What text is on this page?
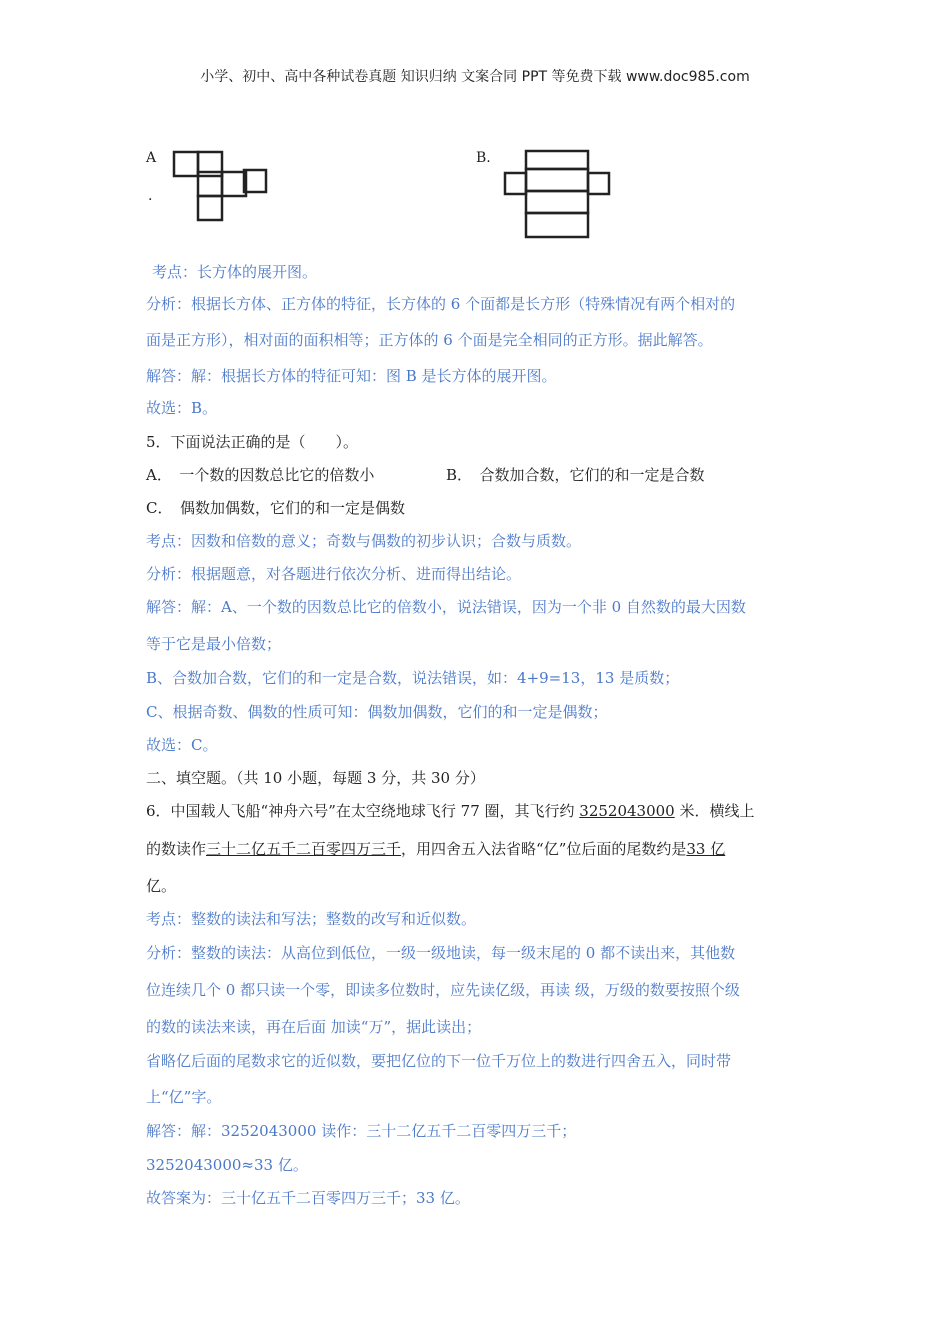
小学、初中、高中各种试卷真题 知识归纳 文案合同 PPT 等免费下载 www.doc985.com
A
.
B.
考点：长方体的展开图。
分析：根据长方体、正方体的特征，长方体的 6 个面都是长方形（特殊情况有两个相对的
面是正方形），相对面的面积相等；正方体的 6 个面是完全相同的正方形。据此解答。
解答：解：根据长方体的特征可知：图 B 是长方体的展开图。
故选：B。
5．下面说法正确的是（　　）。
A．　一个数的因数总比它的倍数小	B．　合数加合数，它们的和一定是合数
C．　偶数加偶数，它们的和一定是偶数
考点：因数和倍数的意义；奇数与偶数的初步认识；合数与质数。
分析：根据题意，对各题进行依次分析、进而得出结论。
解答：解：A、一个数的因数总比它的倍数小，说法错误，因为一个非 0 自然数的最大因数
等于它是最小倍数；
B、合数加合数，它们的和一定是合数，说法错误，如：4+9=13，13 是质数；
C、根据奇数、偶数的性质可知：偶数加偶数，它们的和一定是偶数；
故选：C。
二、填空题。（共 10 小题，每题 3 分，共 30 分）
6．中国载人飞船“神舟六号”在太空绕地球飞行 77 圈，其飞行约 3252043000 米．横线上
的数读作三十二亿五千二百零四万三千，用四舍五入法省略“亿”位后面的尾数约是33 亿
亿。
考点：整数的读法和写法；整数的改写和近似数。
分析：整数的读法：从高位到低位，一级一级地读，每一级末尾的 0 都不读出来，其他数
位连续几个 0 都只读一个零，即读多位数时，应先读亿级，再读 级，万级的数要按照个级
的数的读法来读，再在后面 加读“万”，据此读出；
省略亿后面的尾数求它的近似数，要把亿位的下一位千万位上的数进行四舍五入，同时带
上“亿”字。
解答：解：3252043000 读作：三十二亿五千二百零四万三千；
3252043000≈33 亿。
故答案为：三十亿五千二百零四万三千；33 亿。
